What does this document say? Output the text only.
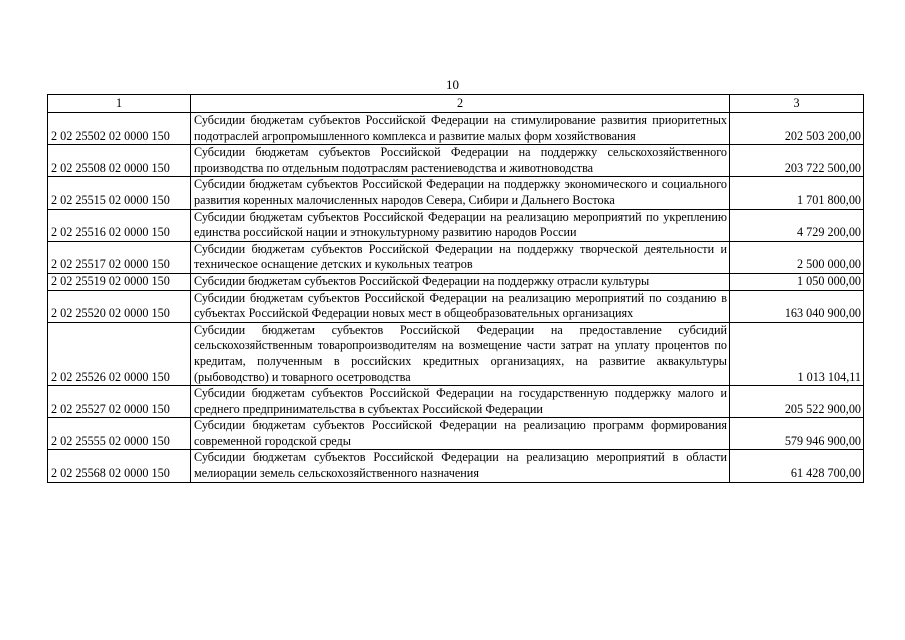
10
1	2	3
2 02 25502 02 0000 150	Субсидии бюджетам субъектов Российской Федерации на стимулирование развития приоритетных подотраслей агропромышленного комплекса и развитие малых форм хозяйствования	202 503 200,00
2 02 25508 02 0000 150	Субсидии бюджетам субъектов Российской Федерации на поддержку сельскохозяйственного производства по отдельным подотраслям растениеводства и животноводства	203 722 500,00
2 02 25515 02 0000 150	Субсидии бюджетам субъектов Российской Федерации на поддержку экономического и социального развития коренных малочисленных народов Севера, Сибири и Дальнего Востока	1 701 800,00
2 02 25516 02 0000 150	Субсидии бюджетам субъектов Российской Федерации на реализацию мероприятий по укреплению единства российской нации и этнокультурному развитию народов России	4 729 200,00
2 02 25517 02 0000 150	Субсидии бюджетам субъектов Российской Федерации на поддержку творческой деятельности и техническое оснащение детских и кукольных театров	2 500 000,00
2 02 25519 02 0000 150	Субсидии бюджетам субъектов Российской Федерации на поддержку отрасли культуры	1 050 000,00
2 02 25520 02 0000 150	Субсидии бюджетам субъектов Российской Федерации на реализацию мероприятий по созданию в субъектах Российской Федерации новых мест в общеобразовательных организациях	163 040 900,00
2 02 25526 02 0000 150	Субсидии бюджетам субъектов Российской Федерации на предоставление субсидий сельскохозяйственным товаропроизводителям на возмещение части затрат на уплату процентов по кредитам, полученным в российских кредитных организациях, на развитие аквакультуры (рыбоводство) и товарного осетроводства	1 013 104,11
2 02 25527 02 0000 150	Субсидии бюджетам субъектов Российской Федерации на государственную поддержку малого и среднего предпринимательства в субъектах Российской Федерации	205 522 900,00
2 02 25555 02 0000 150	Субсидии бюджетам субъектов Российской Федерации на реализацию программ формирования современной городской среды	579 946 900,00
2 02 25568 02 0000 150	Субсидии бюджетам субъектов Российской Федерации на реализацию мероприятий в области мелиорации земель сельскохозяйственного назначения	61 428 700,00
